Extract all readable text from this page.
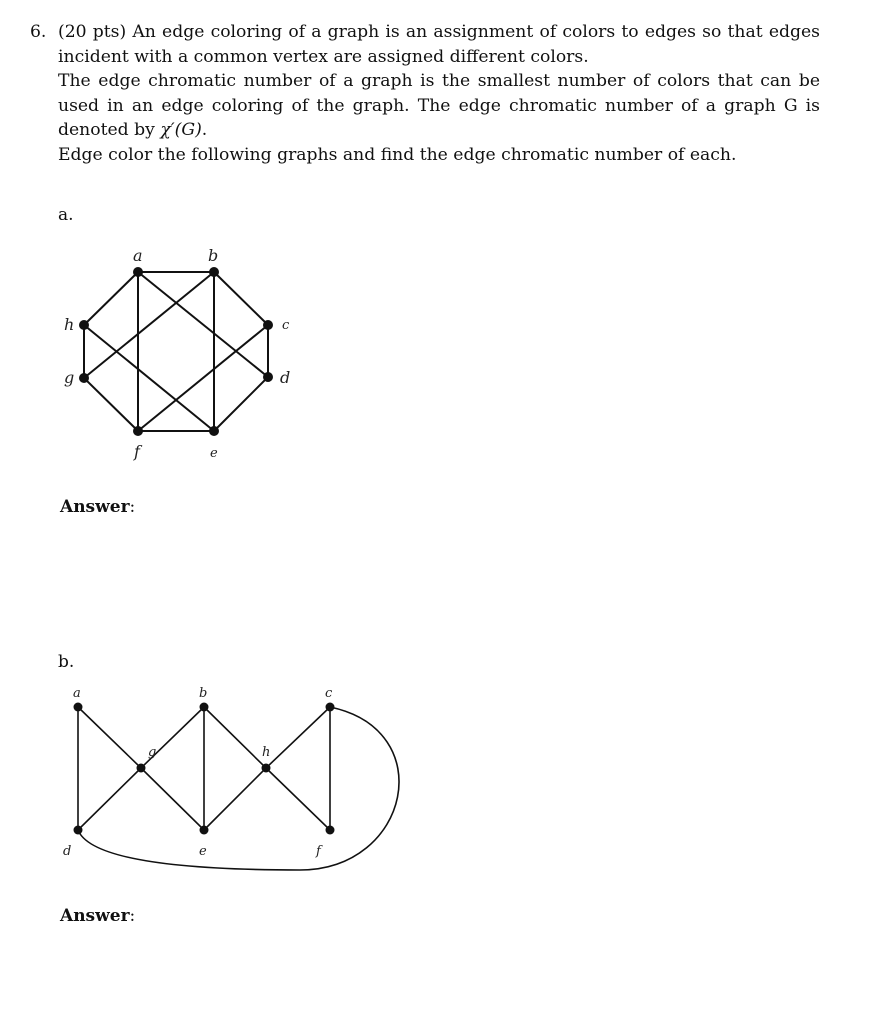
6. (20 pts) An edge coloring of a graph is an assignment of colors to edges so that edges incident with a common vertex are assigned different colors.

The edge chromatic number of a graph is the smallest number of colors that can be used in an edge coloring of the graph. The edge chromatic number of a graph G is denoted by χ′(G).

Edge color the following graphs and find the edge chromatic number of each.

a.
a	b
c
d
e
f
g
h
Answer:
b.
a	b	c
g	h
d	e	f
Answer:
